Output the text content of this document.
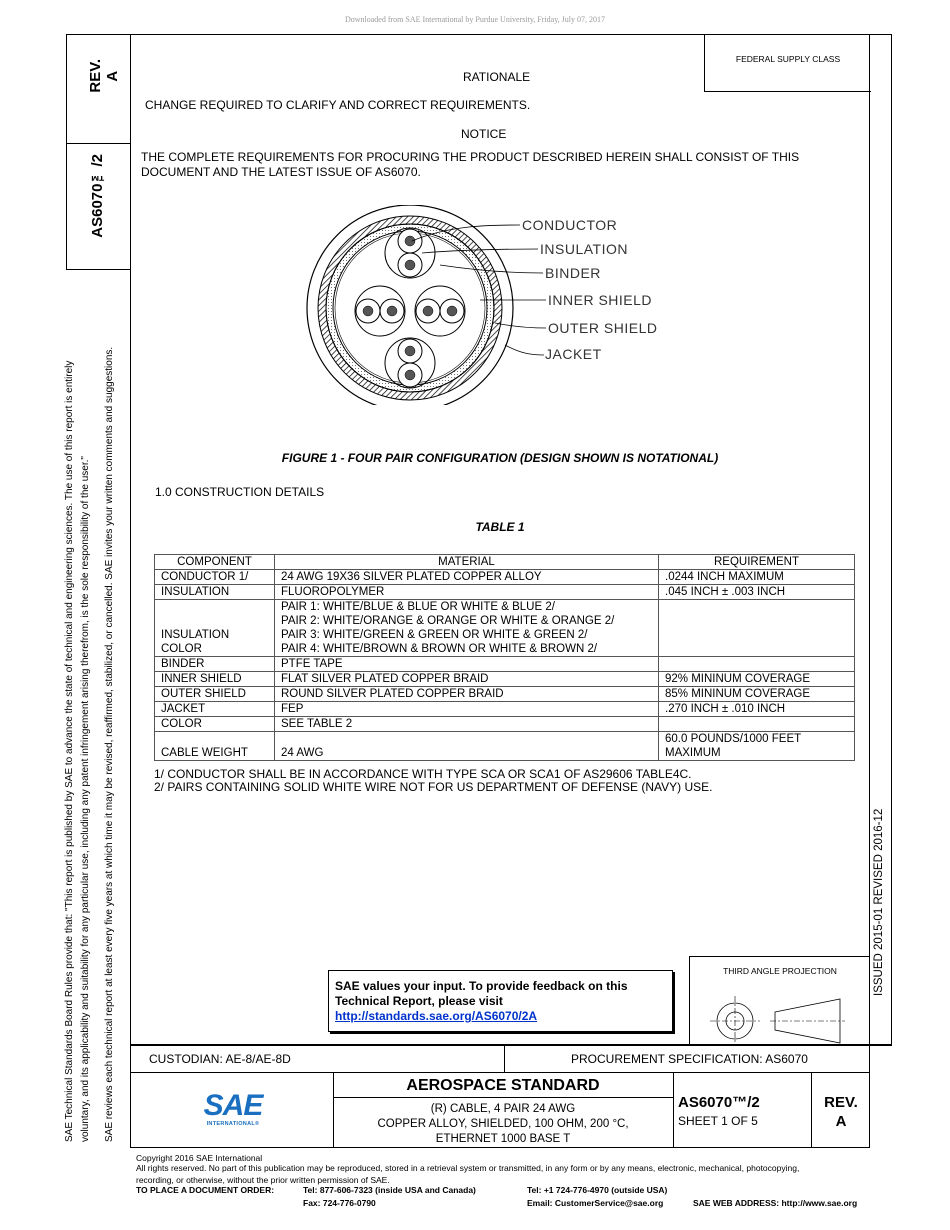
Downloaded from SAE International by Purdue University, Friday, July 07, 2017
FEDERAL SUPPLY CLASS
REV.
A
AS6070™/2
SAE Technical Standards Board Rules provide that: "This report is published by SAE to advance the state of technical and engineering sciences. The use of this report is entirely voluntary, and its applicability and suitability for any particular use, including any patent infringement arising therefrom, is the sole responsibility of the user." SAE reviews each technical report at least every five years at which time it may be revised, reaffirmed, stabilized, or cancelled. SAE invites your written comments and suggestions.	ISSUED 2015-01 REVISED 2016-12
RATIONALE
CHANGE REQUIRED TO CLARIFY AND CORRECT REQUIREMENTS.
NOTICE
THE COMPLETE REQUIREMENTS FOR PROCURING THE PRODUCT DESCRIBED HEREIN SHALL CONSIST OF THIS
DOCUMENT AND THE LATEST ISSUE OF AS6070.
CONDUCTOR
INSULATION
BINDER
INNER SHIELD
OUTER SHIELD
JACKET
FIGURE 1 - FOUR PAIR CONFIGURATION (DESIGN SHOWN IS NOTATIONAL)
1.0 CONSTRUCTION DETAILS
TABLE 1
COMPONENT	MATERIAL	REQUIREMENT
CONDUCTOR 1/	24 AWG 19X36 SILVER PLATED COPPER ALLOY	.0244 INCH MAXIMUM
INSULATION	FLUOROPOLYMER	.045 INCH ± .003 INCH
INSULATION
COLOR	PAIR 1: WHITE/BLUE & BLUE OR WHITE & BLUE 2/
PAIR 2: WHITE/ORANGE & ORANGE OR WHITE & ORANGE 2/
PAIR 3: WHITE/GREEN & GREEN OR WHITE & GREEN 2/
PAIR 4: WHITE/BROWN & BROWN OR WHITE & BROWN 2/	
BINDER	PTFE TAPE	
INNER SHIELD	FLAT SILVER PLATED COPPER BRAID	92% MININUM COVERAGE
OUTER SHIELD	ROUND SILVER PLATED COPPER BRAID	85% MININUM COVERAGE
JACKET	FEP	.270 INCH ± .010 INCH
COLOR	SEE TABLE 2	
CABLE WEIGHT	24 AWG	60.0 POUNDS/1000 FEET
MAXIMUM
1/ CONDUCTOR SHALL BE IN ACCORDANCE WITH TYPE SCA OR SCA1 OF AS29606 TABLE4C.
2/ PAIRS CONTAINING SOLID WHITE WIRE NOT FOR US DEPARTMENT OF DEFENSE (NAVY) USE.
SAE values your input. To provide feedback on this
Technical Report, please visit
http://standards.sae.org/AS6070/2A
THIRD ANGLE PROJECTION
CUSTODIAN: AE-8/AE-8D	PROCUREMENT SPECIFICATION: AS6070
SAE
INTERNATIONAL®
AEROSPACE STANDARD
(R) CABLE, 4 PAIR 24 AWG
COPPER ALLOY, SHIELDED, 100 OHM, 200 °C,
ETHERNET 1000 BASE T
AS6070™/2
SHEET 1 OF 5
REV.
A
Copyright 2016 SAE International
All rights reserved. No part of this publication may be reproduced, stored in a retrieval system or transmitted, in any form or by any means, electronic, mechanical, photocopying,
recording, or otherwise, without the prior written permission of SAE.
TO PLACE A DOCUMENT ORDER:	Tel: 877-606-7323 (inside USA and Canada)	Tel: +1 724-776-4970 (outside USA)
Fax: 724-776-0790	Email: CustomerService@sae.org	SAE WEB ADDRESS: http://www.sae.org
